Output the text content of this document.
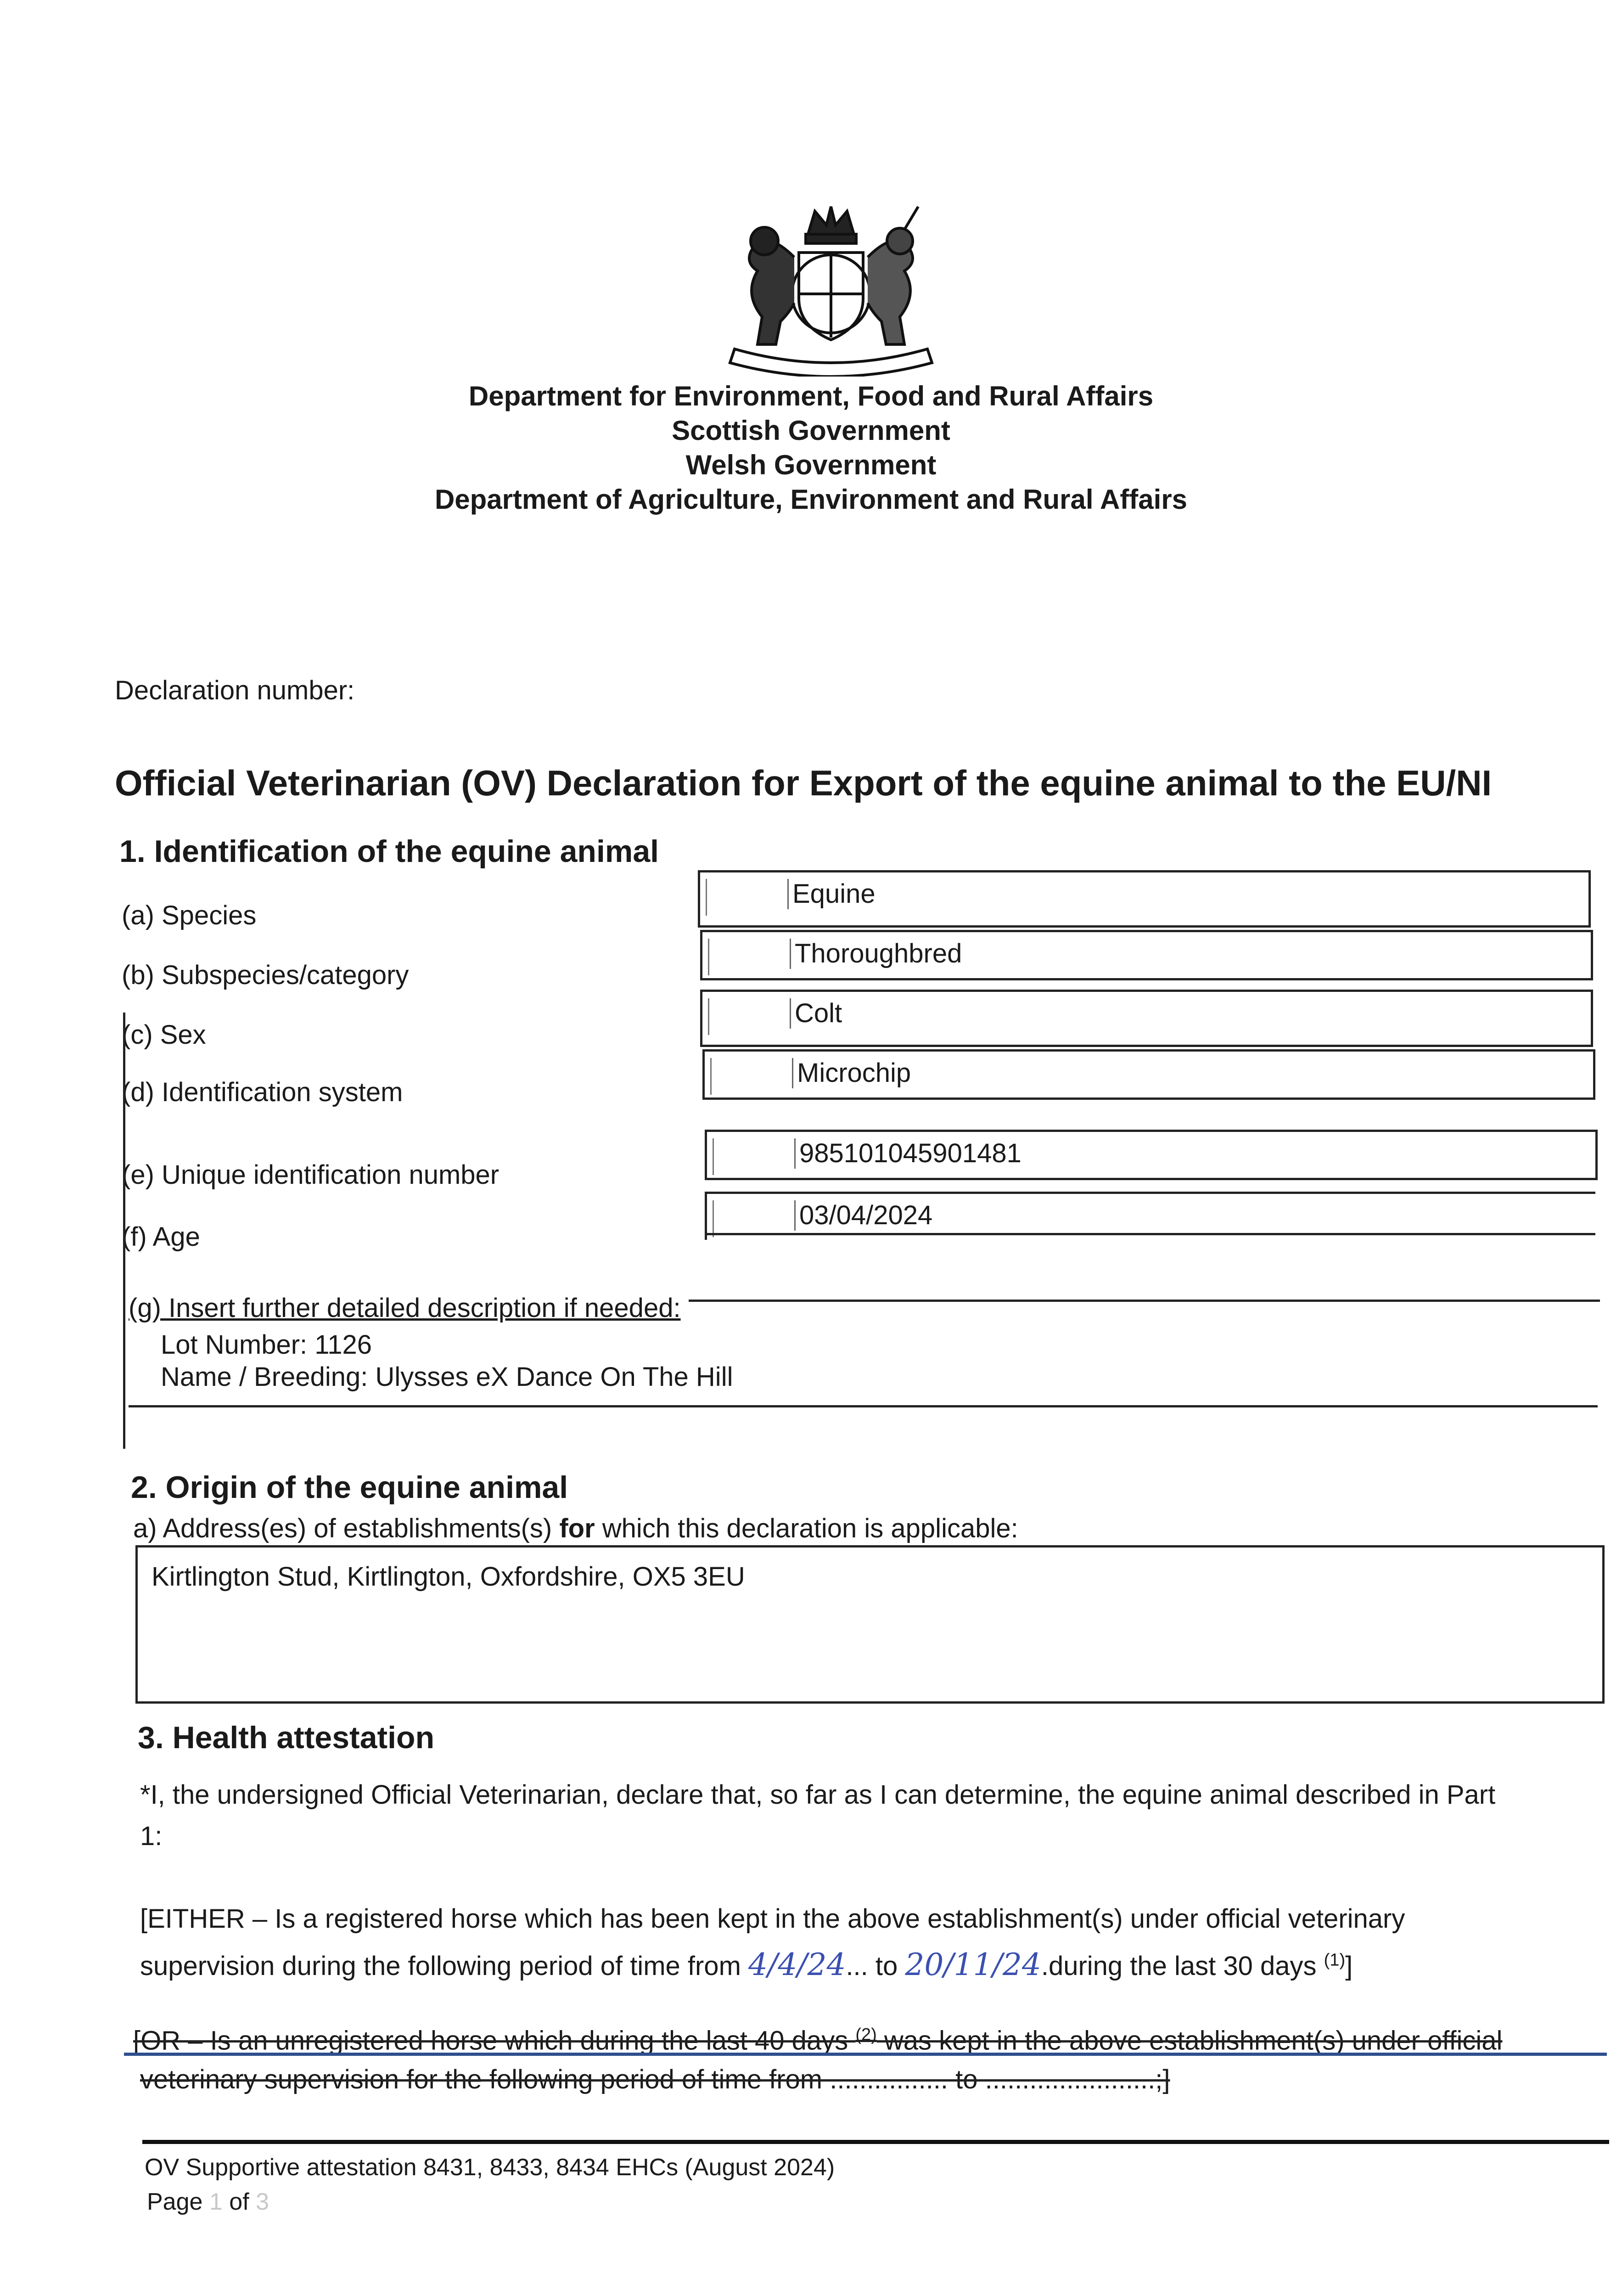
Department for Environment, Food and Rural Affairs
Scottish Government
Welsh Government
Department of Agriculture, Environment and Rural Affairs
Declaration number:
Official Veterinarian (OV) Declaration for Export of the equine animal to the EU/NI
1. Identification of the equine animal
(a) Species
Equine
(b) Subspecies/category
Thoroughbred
(c) Sex
Colt
(d) Identification system
Microchip
(e) Unique identification number
985101045901481
(f) Age
03/04/2024
(g) Insert further detailed description if needed:
Lot Number: 1126
Name / Breeding: Ulysses eX Dance On The Hill
2. Origin of the equine animal
a) Address(es) of establishments(s) for which this declaration is applicable:
Kirtlington Stud, Kirtlington, Oxfordshire, OX5 3EU
3. Health attestation
*I, the undersigned Official Veterinarian, declare that, so far as I can determine, the equine animal described in Part
1:
[EITHER – Is a registered horse which has been kept in the above establishment(s) under official veterinary
supervision during the following period of time from 4/4/24... to 20/11/24.during the last 30 days $^{(1)}$]
[OR – Is an unregistered horse which during the last 40 days $^{(2)}$ was kept in the above establishment(s) under official
veterinary supervision for the following period of time from ................ to .......................;]
OV Supportive attestation 8431, 8433, 8434 EHCs (August 2024)
Page 1 of 3
